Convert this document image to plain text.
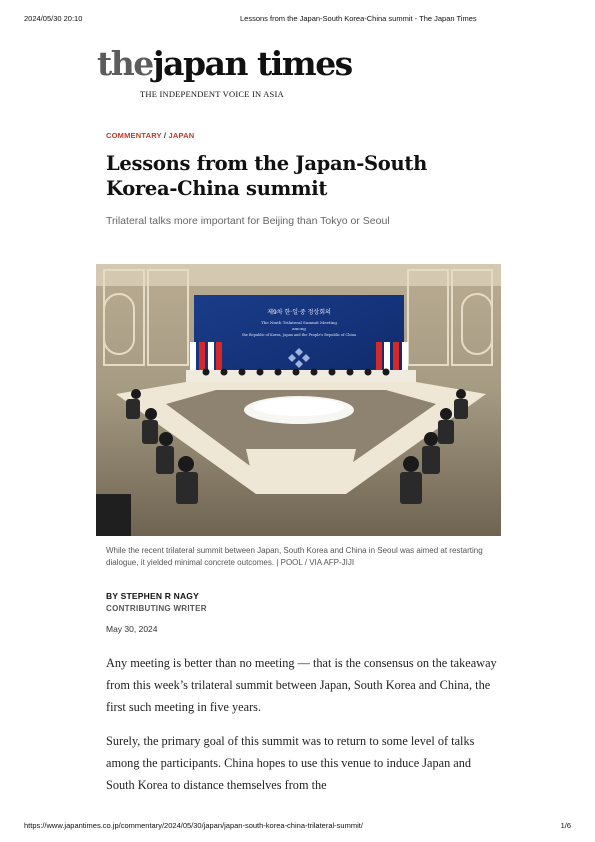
2024/05/30 20:10	Lessons from the Japan-South Korea-China summit - The Japan Times
thejapan times
THE INDEPENDENT VOICE IN ASIA
COMMENTARY / JAPAN
Lessons from the Japan-South Korea-China summit
Trilateral talks more important for Beijing than Tokyo or Seoul
제9차 한·일·중 정상회의
The Ninth Trilateral Summit Meeting
among
the Republic of Korea, Japan and the People's Republic of China
While the recent trilateral summit between Japan, South Korea and China in Seoul was aimed at restarting dialogue, it yielded minimal concrete outcomes. | POOL / VIA AFP-JIJI
BY STEPHEN R NAGY
CONTRIBUTING WRITER
May 30, 2024

Any meeting is better than no meeting — that is the consensus on the takeaway from this week’s trilateral summit between Japan, South Korea and China, the first such meeting in five years.

Surely, the primary goal of this summit was to return to some level of talks among the participants. China hopes to use this venue to induce Japan and South Korea to distance themselves from the

https://www.japantimes.co.jp/commentary/2024/05/30/japan/japan-south-korea-china-trilateral-summit/	1/6
